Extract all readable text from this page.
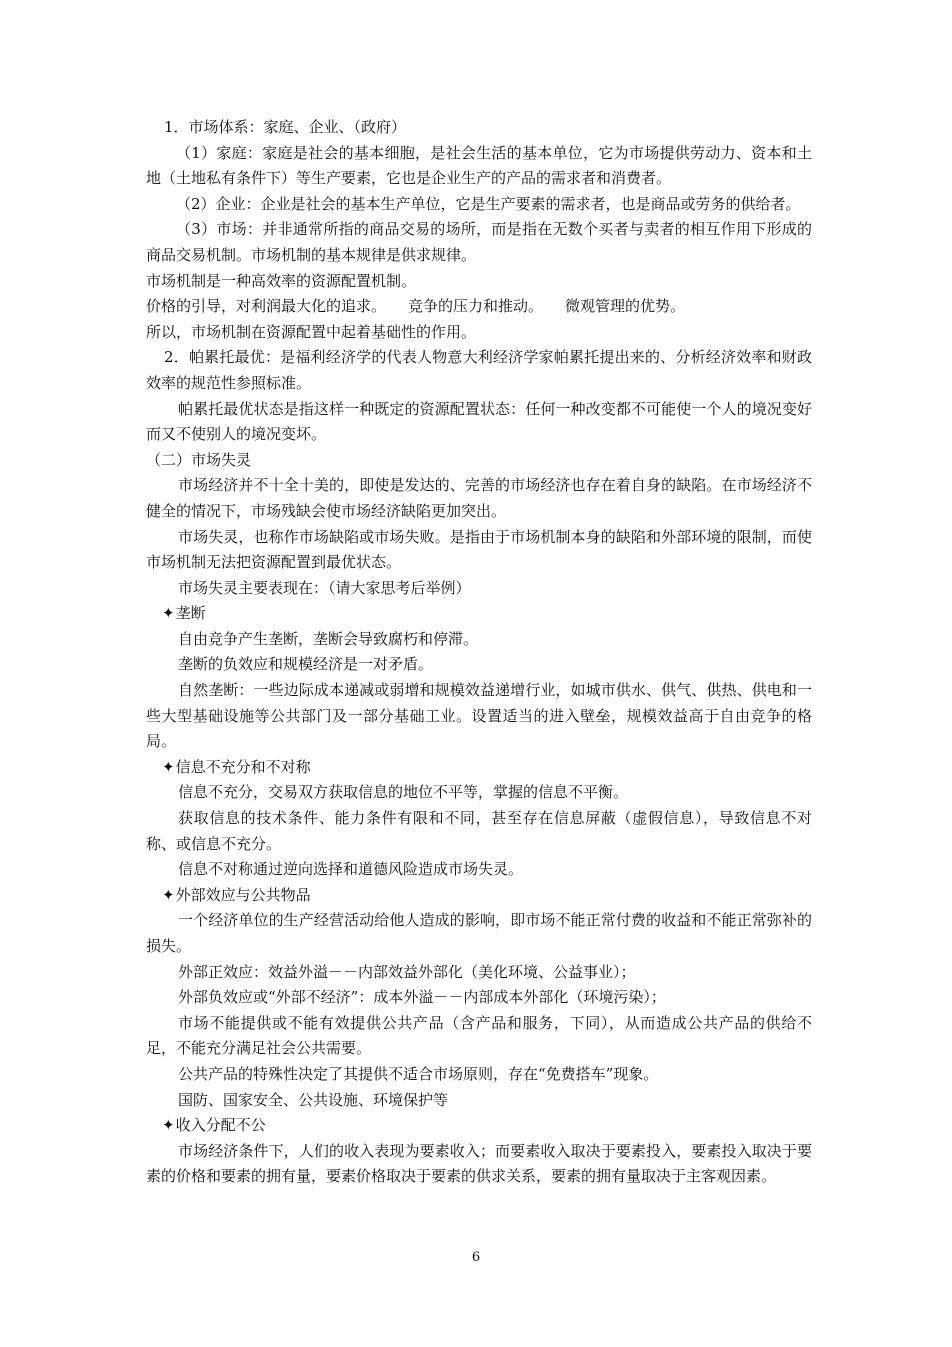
1．市场体系：家庭、企业、（政府）

（1）家庭：家庭是社会的基本细胞，是社会生活的基本单位，它为市场提供劳动力、资本和土地（土地私有条件下）等生产要素，它也是企业生产的产品的需求者和消费者。

（2）企业：企业是社会的基本生产单位，它是生产要素的需求者，也是商品或劳务的供给者。

（3）市场：并非通常所指的商品交易的场所，而是指在无数个买者与卖者的相互作用下形成的商品交易机制。市场机制的基本规律是供求规律。

市场机制是一种高效率的资源配置机制。

价格的引导，对利润最大化的追求。 竞争的压力和推动。 微观管理的优势。

所以，市场机制在资源配置中起着基础性的作用。

2．帕累托最优：是福利经济学的代表人物意大利经济学家帕累托提出来的、分析经济效率和财政效率的规范性参照标准。

帕累托最优状态是指这样一种既定的资源配置状态：任何一种改变都不可能使一个人的境况变好而又不使别人的境况变坏。

（二）市场失灵

市场经济并不十全十美的，即使是发达的、完善的市场经济也存在着自身的缺陷。在市场经济不健全的情况下，市场残缺会使市场经济缺陷更加突出。

市场失灵，也称作市场缺陷或市场失败。是指由于市场机制本身的缺陷和外部环境的限制，而使市场机制无法把资源配置到最优状态。

市场失灵主要表现在：（请大家思考后举例）

✦垄断

自由竞争产生垄断，垄断会导致腐朽和停滞。

垄断的负效应和规模经济是一对矛盾。

自然垄断：一些边际成本递减或弱增和规模效益递增行业，如城市供水、供气、供热、供电和一些大型基础设施等公共部门及一部分基础工业。设置适当的进入壁垒，规模效益高于自由竞争的格局。

✦信息不充分和不对称

信息不充分，交易双方获取信息的地位不平等，掌握的信息不平衡。

获取信息的技术条件、能力条件有限和不同，甚至存在信息屏蔽（虚假信息），导致信息不对称、或信息不充分。

信息不对称通过逆向选择和道德风险造成市场失灵。

✦外部效应与公共物品

一个经济单位的生产经营活动给他人造成的影响，即市场不能正常付费的收益和不能正常弥补的损失。

外部正效应：效益外溢－－内部效益外部化（美化环境、公益事业）；

外部负效应或“外部不经济”：成本外溢－－内部成本外部化（环境污染）；

市场不能提供或不能有效提供公共产品（含产品和服务，下同），从而造成公共产品的供给不足，不能充分满足社会公共需要。

公共产品的特殊性决定了其提供不适合市场原则，存在“免费搭车”现象。

国防、国家安全、公共设施、环境保护等

✦收入分配不公

市场经济条件下，人们的收入表现为要素收入；而要素收入取决于要素投入，要素投入取决于要素的价格和要素的拥有量，要素价格取决于要素的供求关系，要素的拥有量取决于主客观因素。

6
